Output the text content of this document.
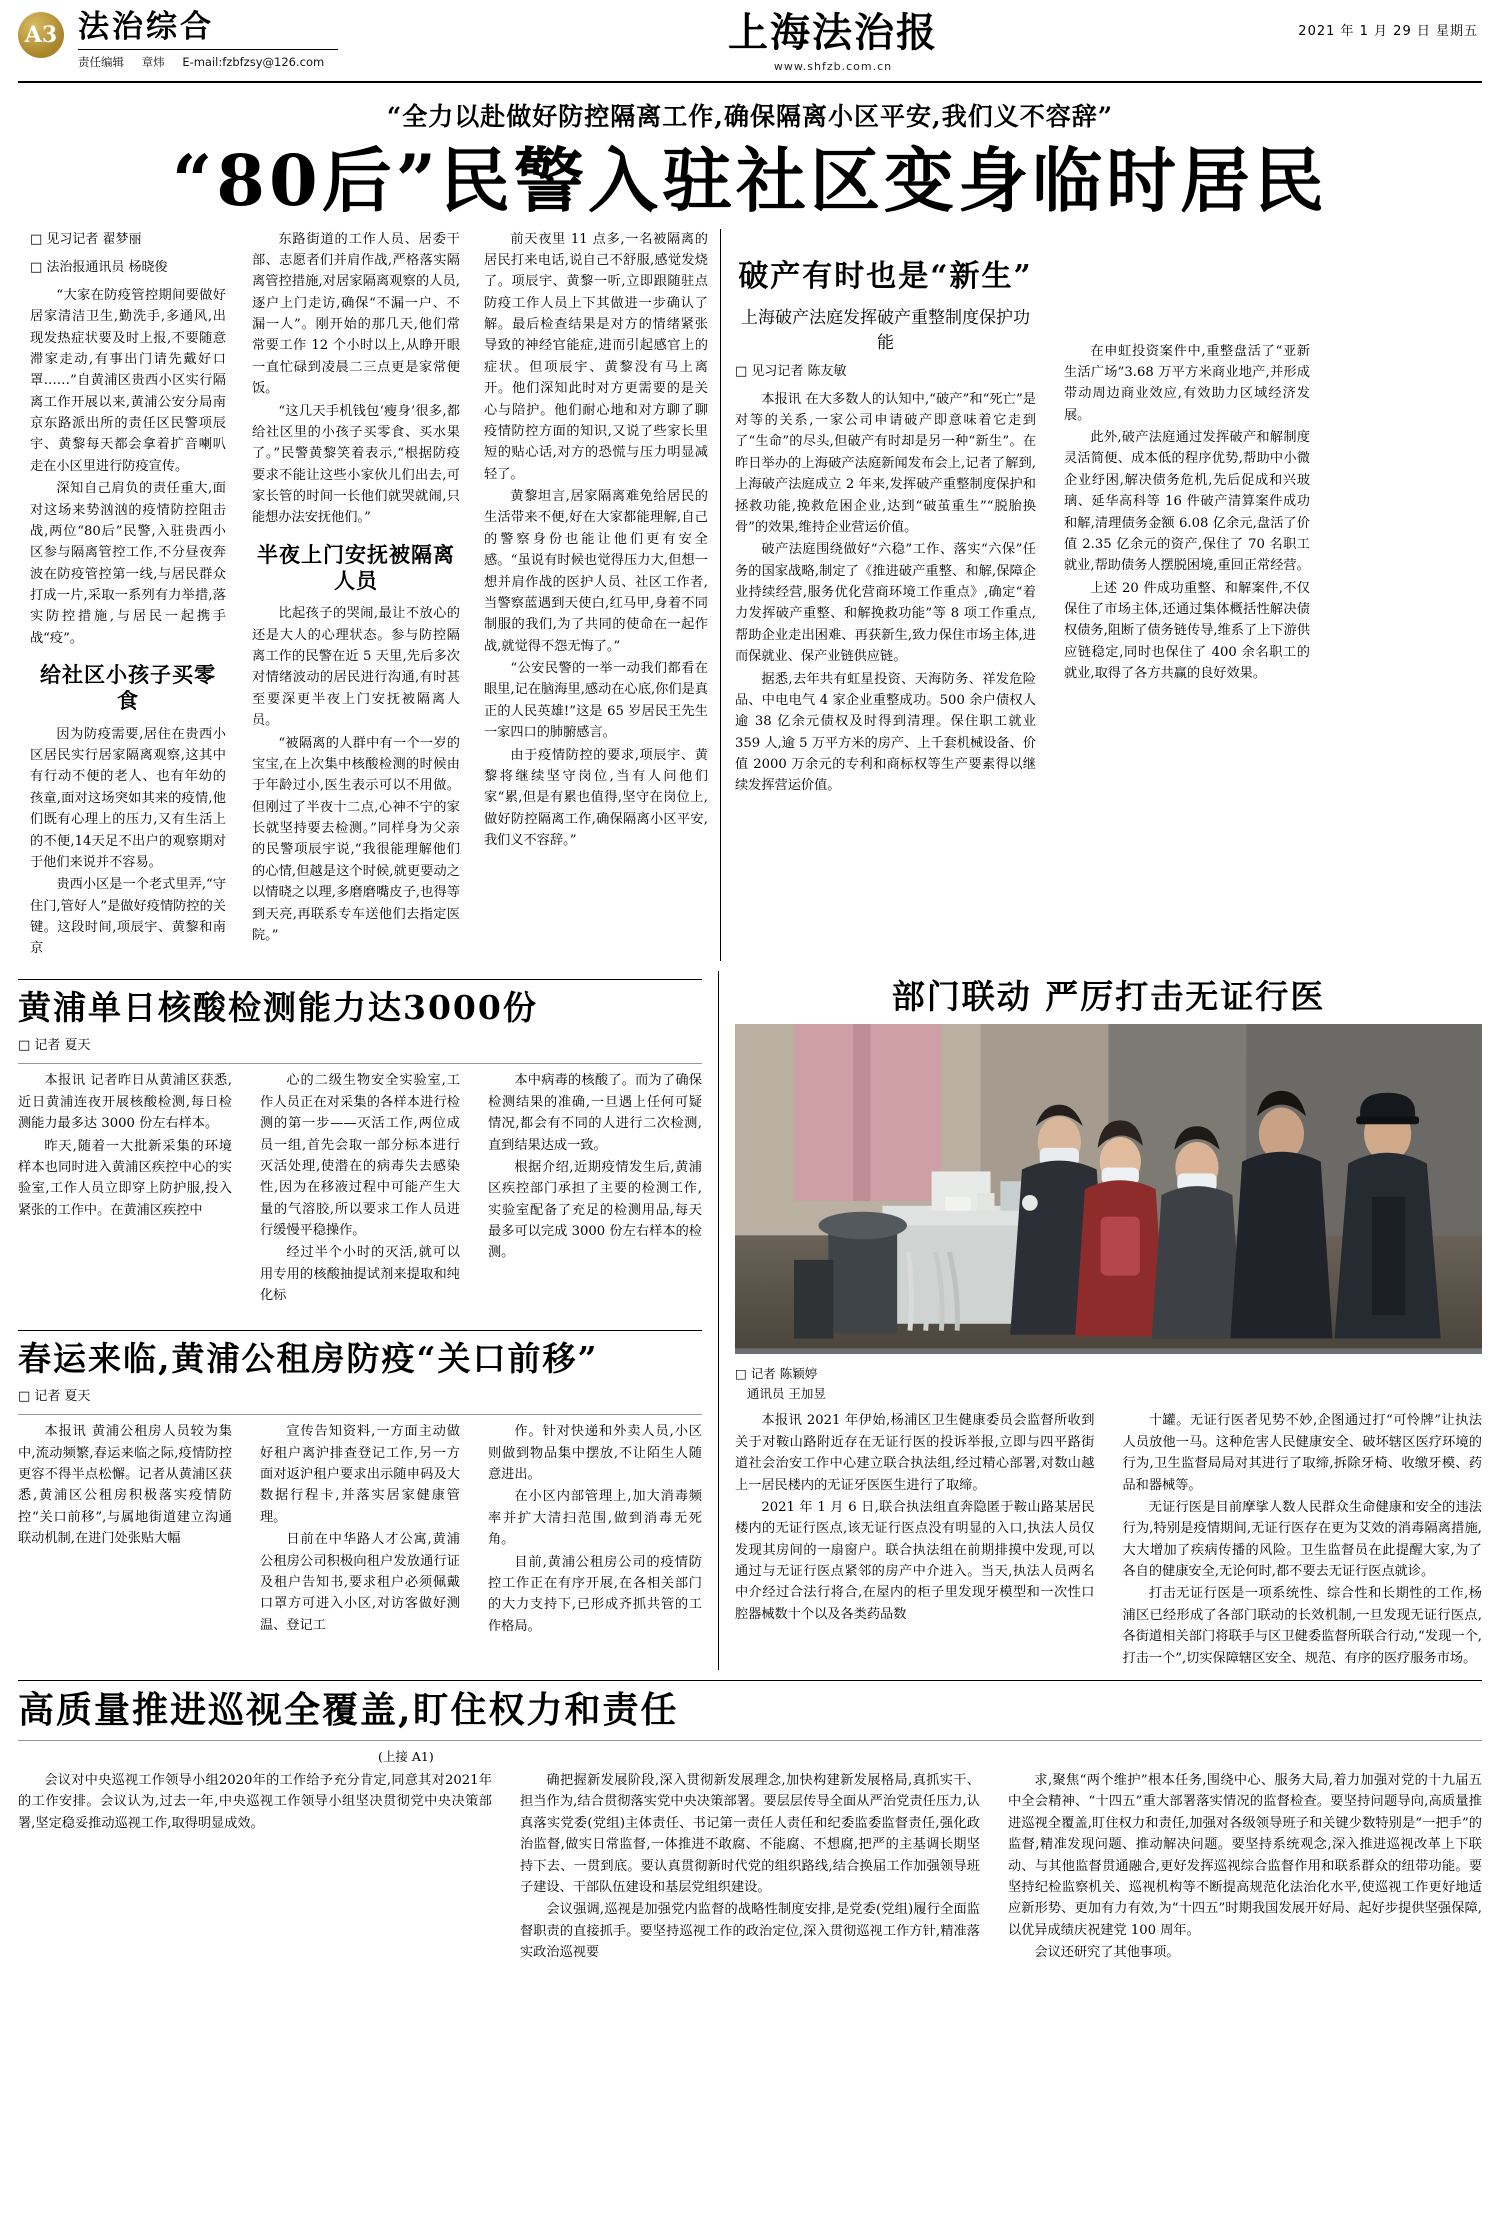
A3 法治综合
责任编辑 章炜 E-mail:fzbfzsy@126.com
上海法治报
www.shfzb.com.cn
2021 年 1 月 29 日 星期五
“全力以赴做好防控隔离工作,确保隔离小区平安,我们义不容辞”
“80后”民警入驻社区变身临时居民
□ 见习记者 翟梦丽
□ 法治报通讯员 杨晓俊
“大家在防疫管控期间要做好居家清洁卫生,勤洗手,多通风,出现发热症状要及时上报,不要随意滞家走动,有事出门请先戴好口罩……”自黄浦区贵西小区实行隔离工作开展以来,黄浦公安分局南京东路派出所的责任区民警项辰宇、黄黎每天都会拿着扩音喇叭走在小区里进行防疫宣传。
深知自己肩负的责任重大,面对这场来势汹汹的疫情防控阻击战,两位“80后”民警,入驻贵西小区参与隔离管控工作,不分昼夜奔波在防疫管控第一线,与居民群众打成一片,采取一系列有力举措,落实防控措施,与居民一起携手战“疫”。
给社区小孩子买零食
因为防疫需要,居住在贵西小区居民实行居家隔离观察,这其中有行动不便的老人、也有年幼的孩童,面对这场突如其来的疫情,他们既有心理上的压力,又有生活上的不便,14天足不出户的观察期对于他们来说并不容易。
贵西小区是一个老式里弄,“守住门,管好人”是做好疫情防控的关键。这段时间,项辰宇、黄黎和南京
东路街道的工作人员、居委干部、志愿者们并肩作战,严格落实隔离管控措施,对居家隔离观察的人员,逐户上门走访,确保“不漏一户、不漏一人”。刚开始的那几天,他们常常要工作 12 个小时以上,从睁开眼一直忙碌到凌晨二三点更是家常便饭。
“这几天手机钱包‘瘦身’很多,都给社区里的小孩子买零食、买水果了。”民警黄黎笑着表示,“根据防疫要求不能让这些小家伙儿们出去,可家长管的时间一长他们就哭就闹,只能想办法安抚他们。”
半夜上门安抚被隔离人员
比起孩子的哭闹,最让不放心的还是大人的心理状态。参与防控隔离工作的民警在近 5 天里,先后多次对情绪波动的居民进行沟通,有时甚至要深更半夜上门安抚被隔离人员。
“被隔离的人群中有一个一岁的宝宝,在上次集中核酸检测的时候由于年龄过小,医生表示可以不用做。但刚过了半夜十二点,心神不宁的家长就坚持要去检测。”同样身为父亲的民警项辰宇说,“我很能理解他们的心情,但越是这个时候,就更要动之以情晓之以理,多磨磨嘴皮子,也得等到天亮,再联系专车送他们去指定医院。”
前天夜里 11 点多,一名被隔离的居民打来电话,说自己不舒服,感觉发烧了。项辰宇、黄黎一听,立即跟随驻点防疫工作人员上下其做进一步确认了解。最后检查结果是对方的情绪紧张导致的神经官能症,进而引起感官上的症状。但项辰宇、黄黎没有马上离开。他们深知此时对方更需要的是关心与陪护。他们耐心地和对方聊了聊疫情防控方面的知识,又说了些家长里短的贴心话,对方的恐慌与压力明显减轻了。
黄黎坦言,居家隔离难免给居民的生活带来不便,好在大家都能理解,自己的警察身份也能让他们更有安全感。“虽说有时候也觉得压力大,但想一想并肩作战的医护人员、社区工作者,当警察蓝遇到天使白,红马甲,身着不同制服的我们,为了共同的使命在一起作战,就觉得不怨无悔了。”
“公安民警的一举一动我们都看在眼里,记在脑海里,感动在心底,你们是真正的人民英雄!”这是 65 岁居民王先生一家四口的肺腑感言。
由于疫情防控的要求,项辰宇、黄黎将继续坚守岗位,当有人问他们家“累,但是有累也值得,坚守在岗位上,做好防控隔离工作,确保隔离小区平安,我们义不容辞。”
破产有时也是“新生”
上海破产法庭发挥破产重整制度保护功能
□ 见习记者 陈友敏
本报讯 在大多数人的认知中,“破产”和“死亡”是对等的关系,一家公司申请破产即意味着它走到了“生命”的尽头,但破产有时却是另一种“新生”。在昨日举办的上海破产法庭新闻发布会上,记者了解到,上海破产法庭成立 2 年来,发挥破产重整制度保护和拯救功能,挽救危困企业,达到“破茧重生”“脱胎换骨”的效果,维持企业营运价值。
破产法庭围绕做好“六稳”工作、落实“六保”任务的国家战略,制定了《推进破产重整、和解,保障企业持续经营,服务优化营商环境工作重点》,确定“着力发挥破产重整、和解挽救功能”等 8 项工作重点,帮助企业走出困难、再获新生,致力保住市场主体,进而保就业、保产业链供应链。
据悉,去年共有虹星投资、天海防务、祥发危险品、中电电气 4 家企业重整成功。500 余户债权人逾 38 亿余元债权及时得到清理。保住职工就业 359 人,逾 5 万平方米的房产、上千套机械设备、价值 2000 万余元的专利和商标权等生产要素得以继续发挥营运价值。
在申虹投资案件中,重整盘活了“亚新生活广场”3.68 万平方米商业地产,并形成带动周边商业效应,有效助力区域经济发展。
此外,破产法庭通过发挥破产和解制度灵活简便、成本低的程序优势,帮助中小微企业纾困,解决债务危机,先后促成和兴玻璃、延华高科等 16 件破产清算案件成功和解,清理债务金额 6.08 亿余元,盘活了价值 2.35 亿余元的资产,保住了 70 名职工就业,帮助债务人摆脱困境,重回正常经营。
上述 20 件成功重整、和解案件,不仅保住了市场主体,还通过集体概括性解决债权债务,阻断了债务链传导,维系了上下游供应链稳定,同时也保住了 400 余名职工的就业,取得了各方共赢的良好效果。
黄浦单日核酸检测能力达3000份
□ 记者 夏天
本报讯 记者昨日从黄浦区获悉,近日黄浦连夜开展核酸检测,每日检测能力最多达 3000 份左右样本。
昨天,随着一大批新采集的环境样本也同时进入黄浦区疾控中心的实验室,工作人员立即穿上防护服,投入紧张的工作中。在黄浦区疾控中
心的二级生物安全实验室,工作人员正在对采集的各样本进行检测的第一步——灭活工作,两位成员一组,首先会取一部分标本进行灭活处理,使潜在的病毒失去感染性,因为在移液过程中可能产生大量的气溶胶,所以要求工作人员进行缓慢平稳操作。
经过半个小时的灭活,就可以用专用的核酸抽提试剂来提取和纯化标
本中病毒的核酸了。而为了确保检测结果的准确,一旦遇上任何可疑情况,都会有不同的人进行二次检测,直到结果达成一致。
根据介绍,近期疫情发生后,黄浦区疾控部门承担了主要的检测工作,实验室配备了充足的检测用品,每天最多可以完成 3000 份左右样本的检测。
春运来临,黄浦公租房防疫“关口前移”
□ 记者 夏天
本报讯 黄浦公租房人员较为集中,流动频繁,春运来临之际,疫情防控更容不得半点松懈。记者从黄浦区获悉,黄浦区公租房积极落实疫情防控“关口前移”,与属地街道建立沟通联动机制,在进门处张贴大幅
宣传告知资料,一方面主动做好租户离沪排查登记工作,另一方面对返沪租户要求出示随申码及大数据行程卡,并落实居家健康管理。
日前在中华路人才公寓,黄浦公租房公司积极向租户发放通行证及租户告知书,要求租户必须佩戴口罩方可进入小区,对访客做好测温、登记工
作。针对快递和外卖人员,小区则做到物品集中摆放,不让陌生人随意进出。
在小区内部管理上,加大消毒频率并扩大清扫范围,做到消毒无死角。
目前,黄浦公租房公司的疫情防控工作正在有序开展,在各相关部门的大力支持下,已形成齐抓共管的工作格局。
部门联动 严厉打击无证行医
□ 记者 陈颖婷
通讯员 王加昱
本报讯 2021 年伊始,杨浦区卫生健康委员会监督所收到关于对鞍山路附近存在无证行医的投诉举报,立即与四平路街道社会治安工作中心建立联合执法组,经过精心部署,对数山越上一居民楼内的无证牙医医生进行了取缔。
2021 年 1 月 6 日,联合执法组直奔隐匿于鞍山路某居民楼内的无证行医点,该无证行医点没有明显的入口,执法人员仅发现其房间的一扇窗户。联合执法组在前期排摸中发现,可以通过与无证行医点紧邻的房产中介进入。当天,执法人员两名中介经过合法行将合,在屋内的柜子里发现牙模型和一次性口腔器械数十个以及各类药品数
十罐。无证行医者见势不妙,企图通过打“可怜牌”让执法人员放他一马。这种危害人民健康安全、破坏辖区医疗环境的行为,卫生监督局局对其进行了取缔,拆除牙椅、收缴牙模、药品和器械等。
无证行医是目前摩挲人数人民群众生命健康和安全的违法行为,特别是疫情期间,无证行医存在更为艾效的消毒隔离措施,大大增加了疾病传播的风险。卫生监督员在此提醒大家,为了各自的健康安全,无论何时,都不要去无证行医点就诊。
打击无证行医是一项系统性、综合性和长期性的工作,杨浦区已经形成了各部门联动的长效机制,一旦发现无证行医点,各街道相关部门将联手与区卫健委监督所联合行动,“发现一个,打击一个”,切实保障辖区安全、规范、有序的医疗服务市场。
高质量推进巡视全覆盖,盯住权力和责任
(上接 A1)
会议对中央巡视工作领导小组2020年的工作给予充分肯定,同意其对2021年的工作安排。会议认为,过去一年,中央巡视工作领导小组坚决贯彻党中央决策部署,坚定稳妥推动巡视工作,取得明显成效。
确把握新发展阶段,深入贯彻新发展理念,加快构建新发展格局,真抓实干、担当作为,结合贯彻落实党中央决策部署。要层层传导全面从严治党责任压力,认真落实党委(党组)主体责任、书记第一责任人责任和纪委监委监督责任,强化政治监督,做实日常监督,一体推进不敢腐、不能腐、不想腐,把严的主基调长期坚持下去、一贯到底。要认真贯彻新时代党的组织路线,结合换届工作加强领导班子建设、干部队伍建设和基层党组织建设。
会议强调,巡视是加强党内监督的战略性制度安排,是党委(党组)履行全面监督职责的直接抓手。要坚持巡视工作的政治定位,深入贯彻巡视工作方针,精准落实政治巡视要
求,聚焦“两个维护”根本任务,围绕中心、服务大局,着力加强对党的十九届五中全会精神、“十四五”重大部署落实情况的监督检查。要坚持问题导向,高质量推进巡视全覆盖,盯住权力和责任,加强对各级领导班子和关键少数特别是“一把手”的监督,精准发现问题、推动解决问题。要坚持系统观念,深入推进巡视改革上下联动、与其他监督贯通融合,更好发挥巡视综合监督作用和联系群众的纽带功能。要坚持纪检监察机关、巡视机构等不断提高规范化法治化水平,使巡视工作更好地适应新形势、更加有力有效,为“十四五”时期我国发展开好局、起好步提供坚强保障,以优异成绩庆祝建党 100 周年。
会议还研究了其他事项。
